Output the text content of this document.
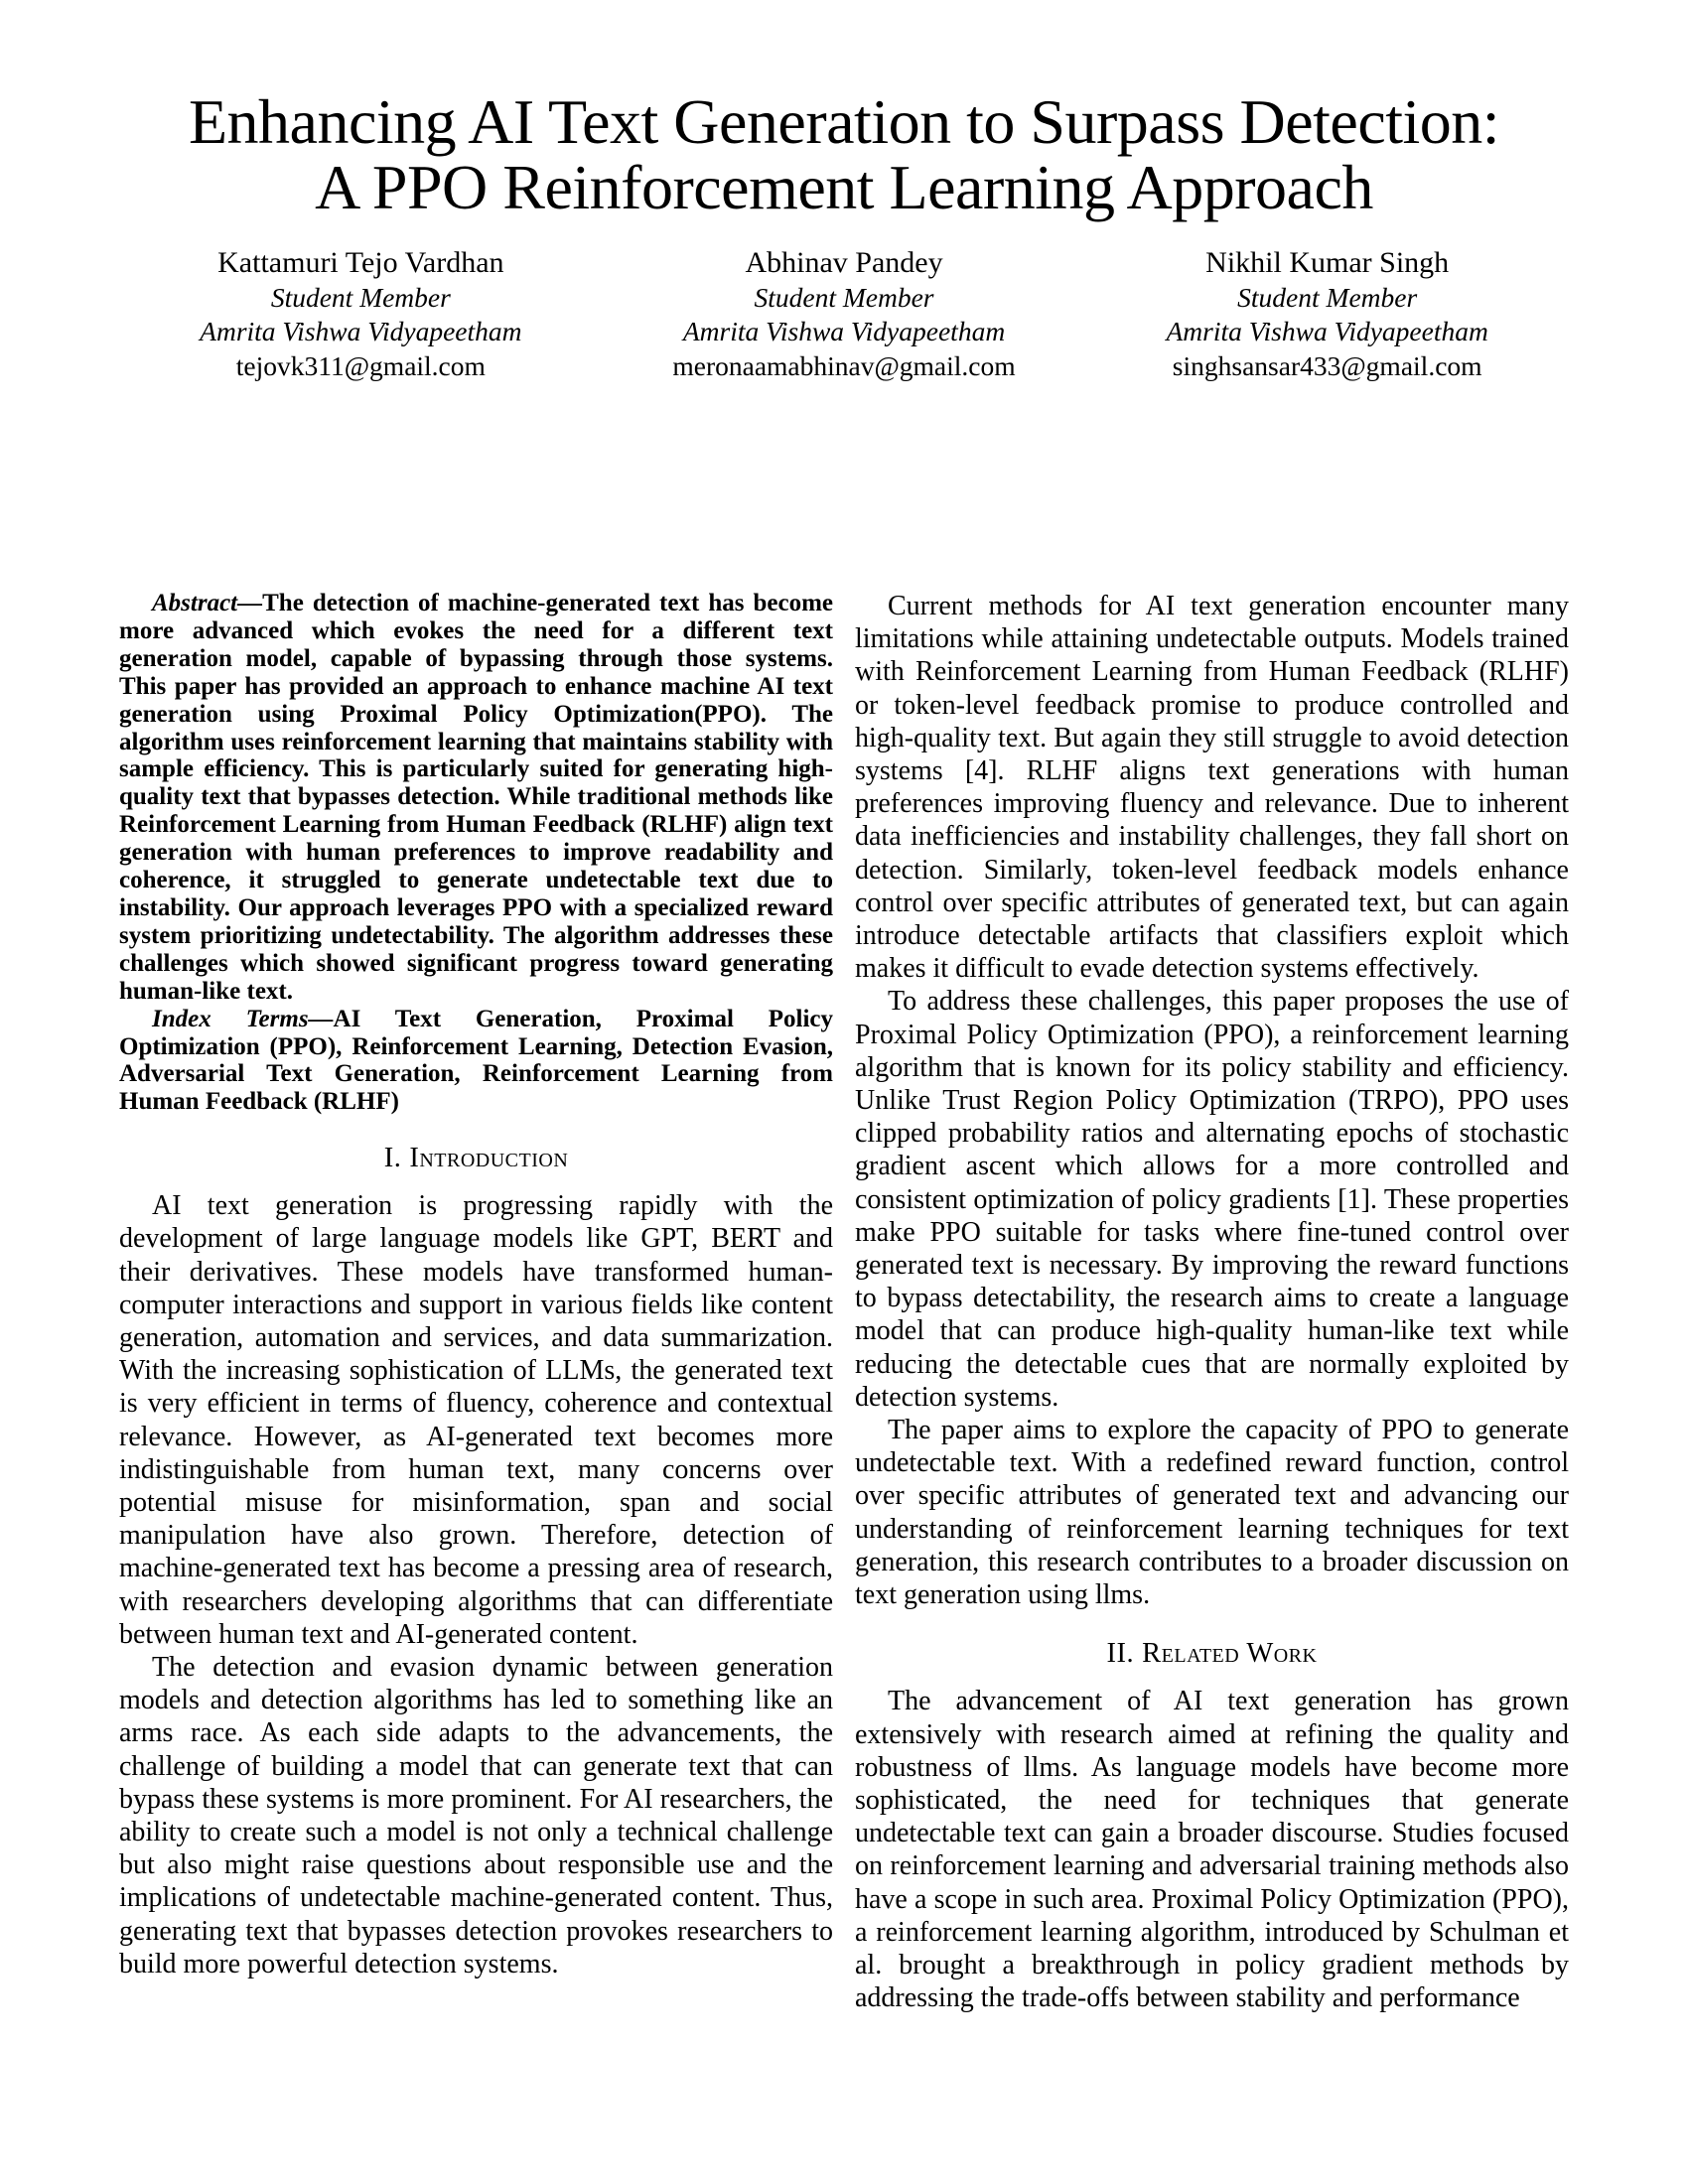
Enhancing AI Text Generation to Surpass Detection:
A PPO Reinforcement Learning Approach
Kattamuri Tejo Vardhan
Student Member
Amrita Vishwa Vidyapeetham
tejovk311@gmail.com
Abhinav Pandey
Student Member
Amrita Vishwa Vidyapeetham
meronaamabhinav@gmail.com
Nikhil Kumar Singh
Student Member
Amrita Vishwa Vidyapeetham
singhsansar433@gmail.com

Abstract—The detection of machine-generated text has become more advanced which evokes the need for a different text generation model, capable of bypassing through those systems. This paper has provided an approach to enhance machine AI text generation using Proximal Policy Optimization(PPO). The algorithm uses reinforcement learning that maintains stability with sample efficiency. This is particularly suited for generating high-quality text that bypasses detection. While traditional methods like Reinforcement Learning from Human Feedback (RLHF) align text generation with human preferences to improve readability and coherence, it struggled to generate undetectable text due to instability. Our approach leverages PPO with a specialized reward system prioritizing undetectability. The algorithm addresses these challenges which showed significant progress toward generating human-like text.

Index Terms—AI Text Generation, Proximal Policy Optimization (PPO), Reinforcement Learning, Detection Evasion, Adversarial Text Generation, Reinforcement Learning from Human Feedback (RLHF)

I. Introduction

AI text generation is progressing rapidly with the development of large language models like GPT, BERT and their derivatives. These models have transformed human-computer interactions and support in various fields like content generation, automation and services, and data summarization. With the increasing sophistication of LLMs, the generated text is very efficient in terms of fluency, coherence and contextual relevance. However, as AI-generated text becomes more indistinguishable from human text, many concerns over potential misuse for misinformation, span and social manipulation have also grown. Therefore, detection of machine-generated text has become a pressing area of research, with researchers developing algorithms that can differentiate between human text and AI-generated content.

The detection and evasion dynamic between generation models and detection algorithms has led to something like an arms race. As each side adapts to the advancements, the challenge of building a model that can generate text that can bypass these systems is more prominent. For AI researchers, the ability to create such a model is not only a technical challenge but also might raise questions about responsible use and the implications of undetectable machine-generated content. Thus, generating text that bypasses detection provokes researchers to build more powerful detection systems.

Current methods for AI text generation encounter many limitations while attaining undetectable outputs. Models trained with Reinforcement Learning from Human Feedback (RLHF) or token-level feedback promise to produce controlled and high-quality text. But again they still struggle to avoid detection systems [4]. RLHF aligns text generations with human preferences improving fluency and relevance. Due to inherent data inefficiencies and instability challenges, they fall short on detection. Similarly, token-level feedback models enhance control over specific attributes of generated text, but can again introduce detectable artifacts that classifiers exploit which makes it difficult to evade detection systems effectively.

To address these challenges, this paper proposes the use of Proximal Policy Optimization (PPO), a reinforcement learning algorithm that is known for its policy stability and efficiency. Unlike Trust Region Policy Optimization (TRPO), PPO uses clipped probability ratios and alternating epochs of stochastic gradient ascent which allows for a more controlled and consistent optimization of policy gradients [1]. These properties make PPO suitable for tasks where fine-tuned control over generated text is necessary. By improving the reward functions to bypass detectability, the research aims to create a language model that can produce high-quality human-like text while reducing the detectable cues that are normally exploited by detection systems.

The paper aims to explore the capacity of PPO to generate undetectable text. With a redefined reward function, control over specific attributes of generated text and advancing our understanding of reinforcement learning techniques for text generation, this research contributes to a broader discussion on text generation using llms.

II. Related Work

The advancement of AI text generation has grown extensively with research aimed at refining the quality and robustness of llms. As language models have become more sophisticated, the need for techniques that generate undetectable text can gain a broader discourse. Studies focused on reinforcement learning and adversarial training methods also have a scope in such area. Proximal Policy Optimization (PPO), a reinforcement learning algorithm, introduced by Schulman et al. brought a breakthrough in policy gradient methods by addressing the trade-offs between stability and performance
